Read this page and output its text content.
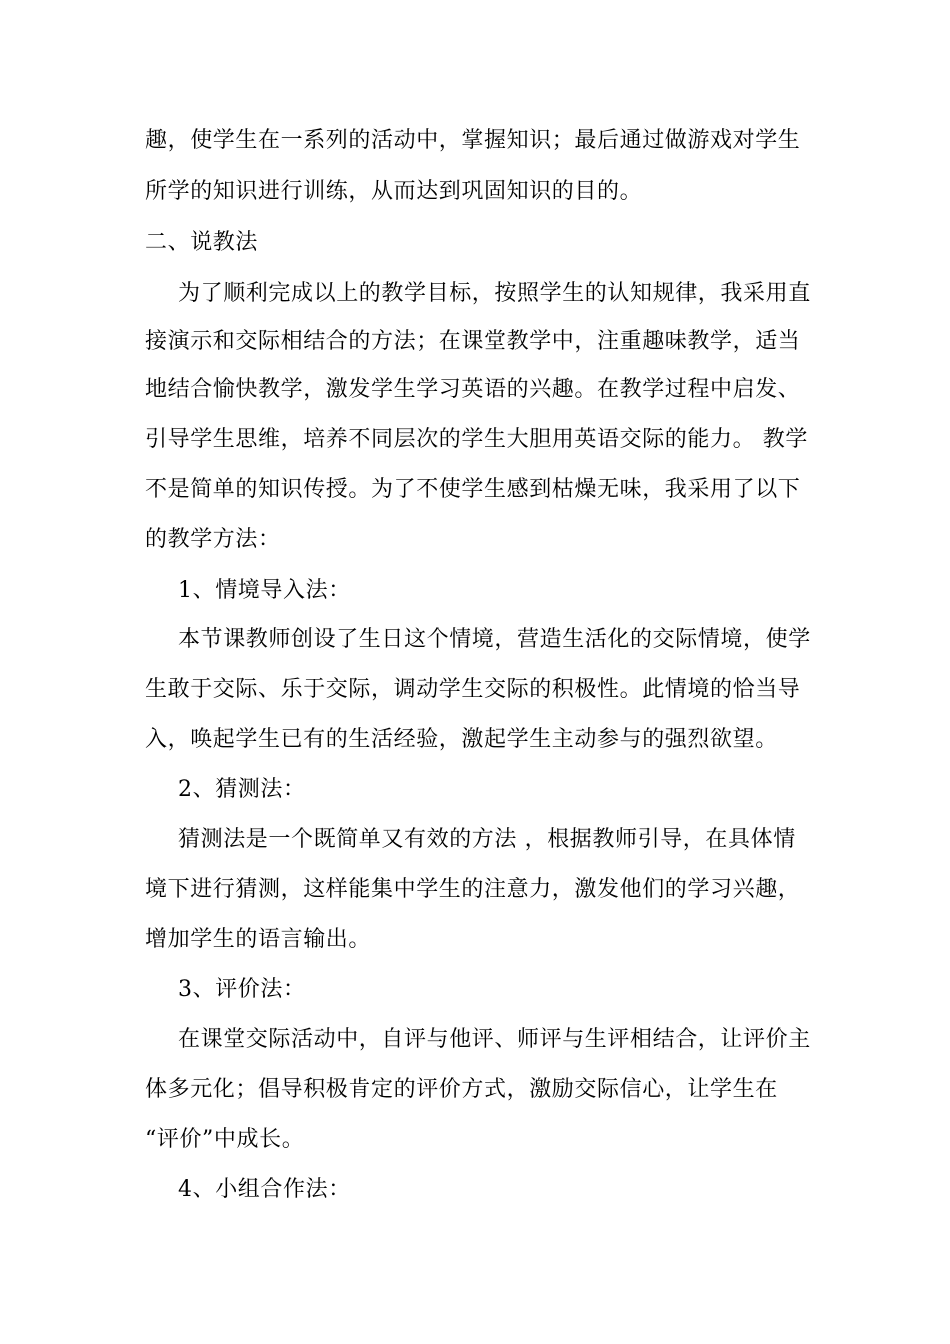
趣，使学生在一系列的活动中，掌握知识；最后通过做游戏对学生
所学的知识进行训练，从而达到巩固知识的目的。
二、说教法
为了顺利完成以上的教学目标，按照学生的认知规律，我采用直
接演示和交际相结合的方法；在课堂教学中，注重趣味教学，适当
地结合愉快教学，激发学生学习英语的兴趣。在教学过程中启发、
引导学生思维，培养不同层次的学生大胆用英语交际的能力。 教学
不是简单的知识传授。为了不使学生感到枯燥无味，我采用了以下
的教学方法：
1、情境导入法：
本节课教师创设了生日这个情境，营造生活化的交际情境，使学
生敢于交际、乐于交际，调动学生交际的积极性。此情境的恰当导
入，唤起学生已有的生活经验，激起学生主动参与的强烈欲望。
2、猜测法：
猜测法是一个既简单又有效的方法 ，根据教师引导，在具体情
境下进行猜测，这样能集中学生的注意力，激发他们的学习兴趣，
增加学生的语言输出。
3、评价法：
在课堂交际活动中，自评与他评、师评与生评相结合，让评价主
体多元化；倡导积极肯定的评价方式，激励交际信心，让学生在
“评价”中成长。
4、小组合作法：
